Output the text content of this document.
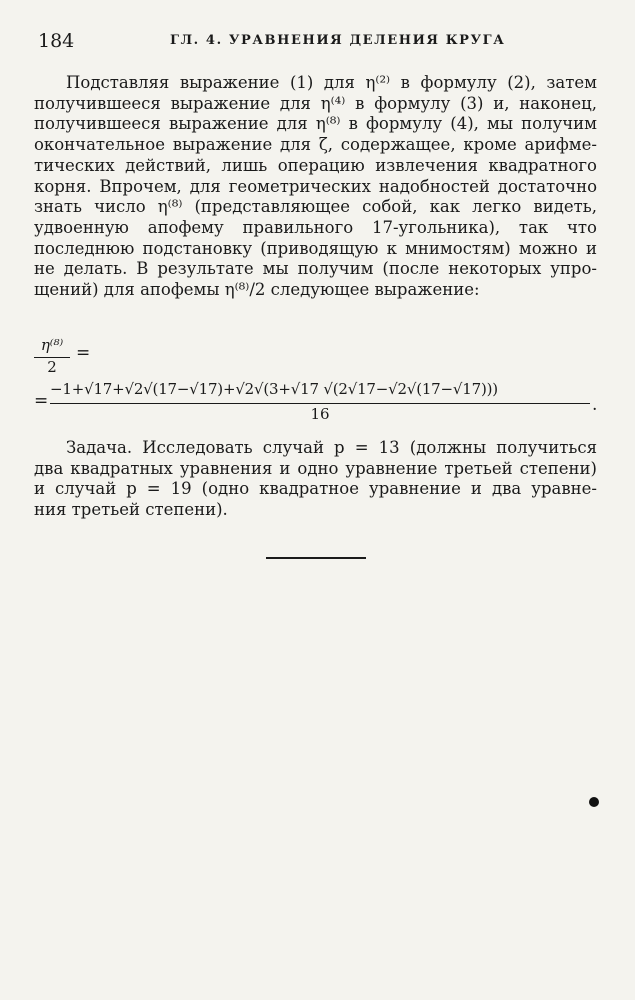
184	ГЛ. 4. УРАВНЕНИЯ ДЕЛЕНИЯ КРУГА
Подставляя выражение (1) для η⁽²⁾ в формулу (2), затем
получившееся выражение для η⁽⁴⁾ в формулу (3) и, наконец,
получившееся выражение для η⁽⁸⁾ в формулу (4), мы получим
окончательное выражение для ζ, содержащее, кроме арифме-
тических действий, лишь операцию извлечения квадратного
корня. Впрочем, для геометрических надобностей достаточно
знать число η⁽⁸⁾ (представляющее собой, как легко видеть,
удвоенную апофему правильного 17-угольника), так что
последнюю подстановку (приводящую к мнимостям) можно и
не делать. В результате мы получим (после некоторых упро-
щений) для апофемы η⁽⁸⁾/2 следующее выражение:
$\frac{\text{η⁽⁸⁾}}{2}$ =
= $\frac{-1+√17+√2√(17-√17)+√2√(3+√17 √(2√17-√2√(17-√17)))}{16}$ .
Задача. Исследовать случай p = 13 (должны получиться
два квадратных уравнения и одно уравнение третьей степени)
и случай p = 19 (одно квадратное уравнение и два уравне-
ния третьей степени).
